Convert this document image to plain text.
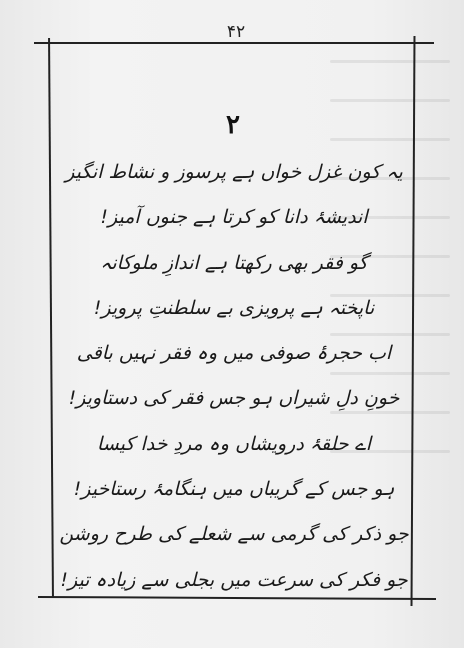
۴۲
۲
یہ کون غزل خواں ہے پرسوز و نشاط انگیز
اندیشۂ دانا کو کرتا ہے جنوں آمیز!
گو فقر بھی رکھتا ہے اندازِ ملوکانہ
ناپختہ ہے پرویزی بے سلطنتِ پرویز!
اب حجرۂ صوفی میں وہ فقر نہیں باقی
خونِ دلِ شیراں ہو جس فقر کی دستاویز!
اے حلقۂ درویشاں وہ مردِ خدا کیسا
ہو جس کے گریباں میں ہنگامۂ رستاخیز!
جو ذکر کی گرمی سے شعلے کی طرح روشن
جو فکر کی سرعت میں بجلی سے زیادہ تیز!
